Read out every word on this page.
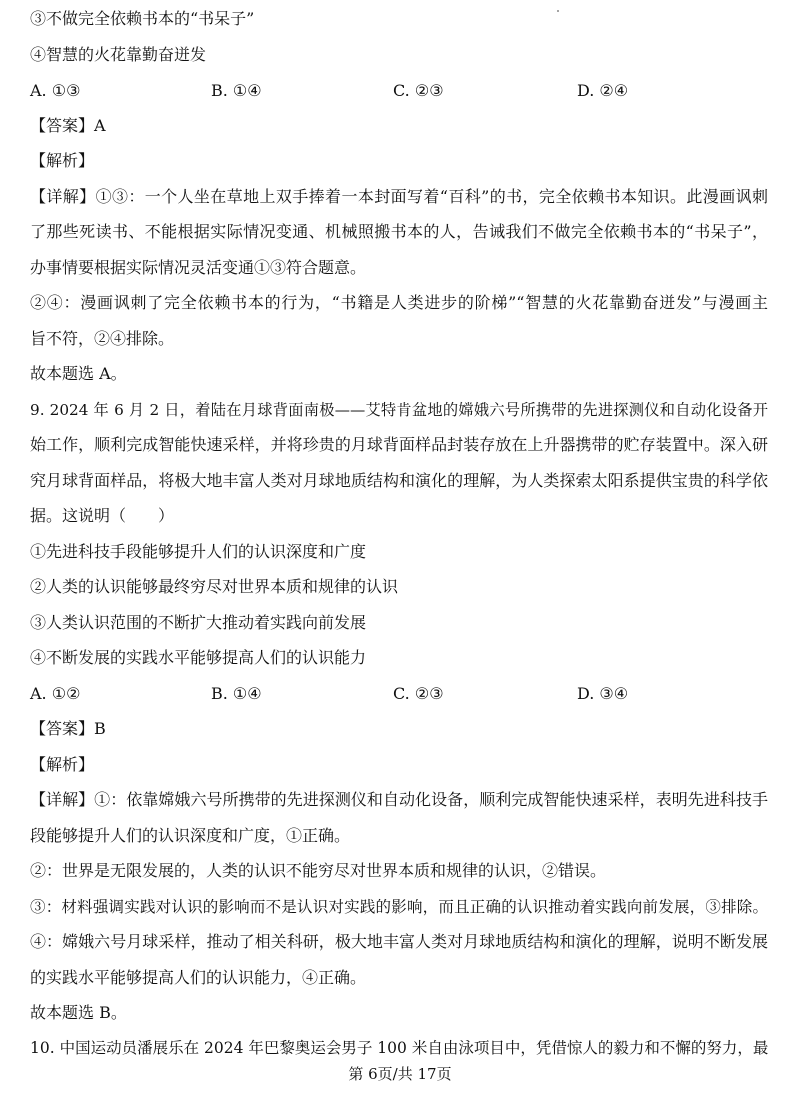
③不做完全依赖书本的“书呆子”
④智慧的火花靠勤奋迸发
A. ①③	B. ①④	C. ②③	D. ②④
【答案】A
【解析】
【详解】①③：一个人坐在草地上双手捧着一本封面写着“百科”的书，完全依赖书本知识。此漫画讽刺
了那些死读书、不能根据实际情况变通、机械照搬书本的人，告诫我们不做完全依赖书本的“书呆子”，
办事情要根据实际情况灵活变通①③符合题意。
②④：漫画讽刺了完全依赖书本的行为，“书籍是人类进步的阶梯”“智慧的火花靠勤奋迸发”与漫画主
旨不符，②④排除。
故本题选 A。
9. 2024 年 6 月 2 日，着陆在月球背面南极——艾特肯盆地的嫦娥六号所携带的先进探测仪和自动化设备开
始工作，顺利完成智能快速采样，并将珍贵的月球背面样品封装存放在上升器携带的贮存装置中。深入研
究月球背面样品，将极大地丰富人类对月球地质结构和演化的理解，为人类探索太阳系提供宝贵的科学依
据。这说明（　　）
①先进科技手段能够提升人们的认识深度和广度
②人类的认识能够最终穷尽对世界本质和规律的认识
③人类认识范围的不断扩大推动着实践向前发展
④不断发展的实践水平能够提高人们的认识能力
A. ①②	B. ①④	C. ②③	D. ③④
【答案】B
【解析】
【详解】①：依靠嫦娥六号所携带的先进探测仪和自动化设备，顺利完成智能快速采样，表明先进科技手
段能够提升人们的认识深度和广度，①正确。
②：世界是无限发展的，人类的认识不能穷尽对世界本质和规律的认识，②错误。
③：材料强调实践对认识的影响而不是认识对实践的影响，而且正确的认识推动着实践向前发展，③排除。
④：嫦娥六号月球采样，推动了相关科研，极大地丰富人类对月球地质结构和演化的理解，说明不断发展
的实践水平能够提高人们的认识能力，④正确。
故本题选 B。
10. 中国运动员潘展乐在 2024 年巴黎奥运会男子 100 米自由泳项目中，凭借惊人的毅力和不懈的努力，最
第 6页/共 17页
